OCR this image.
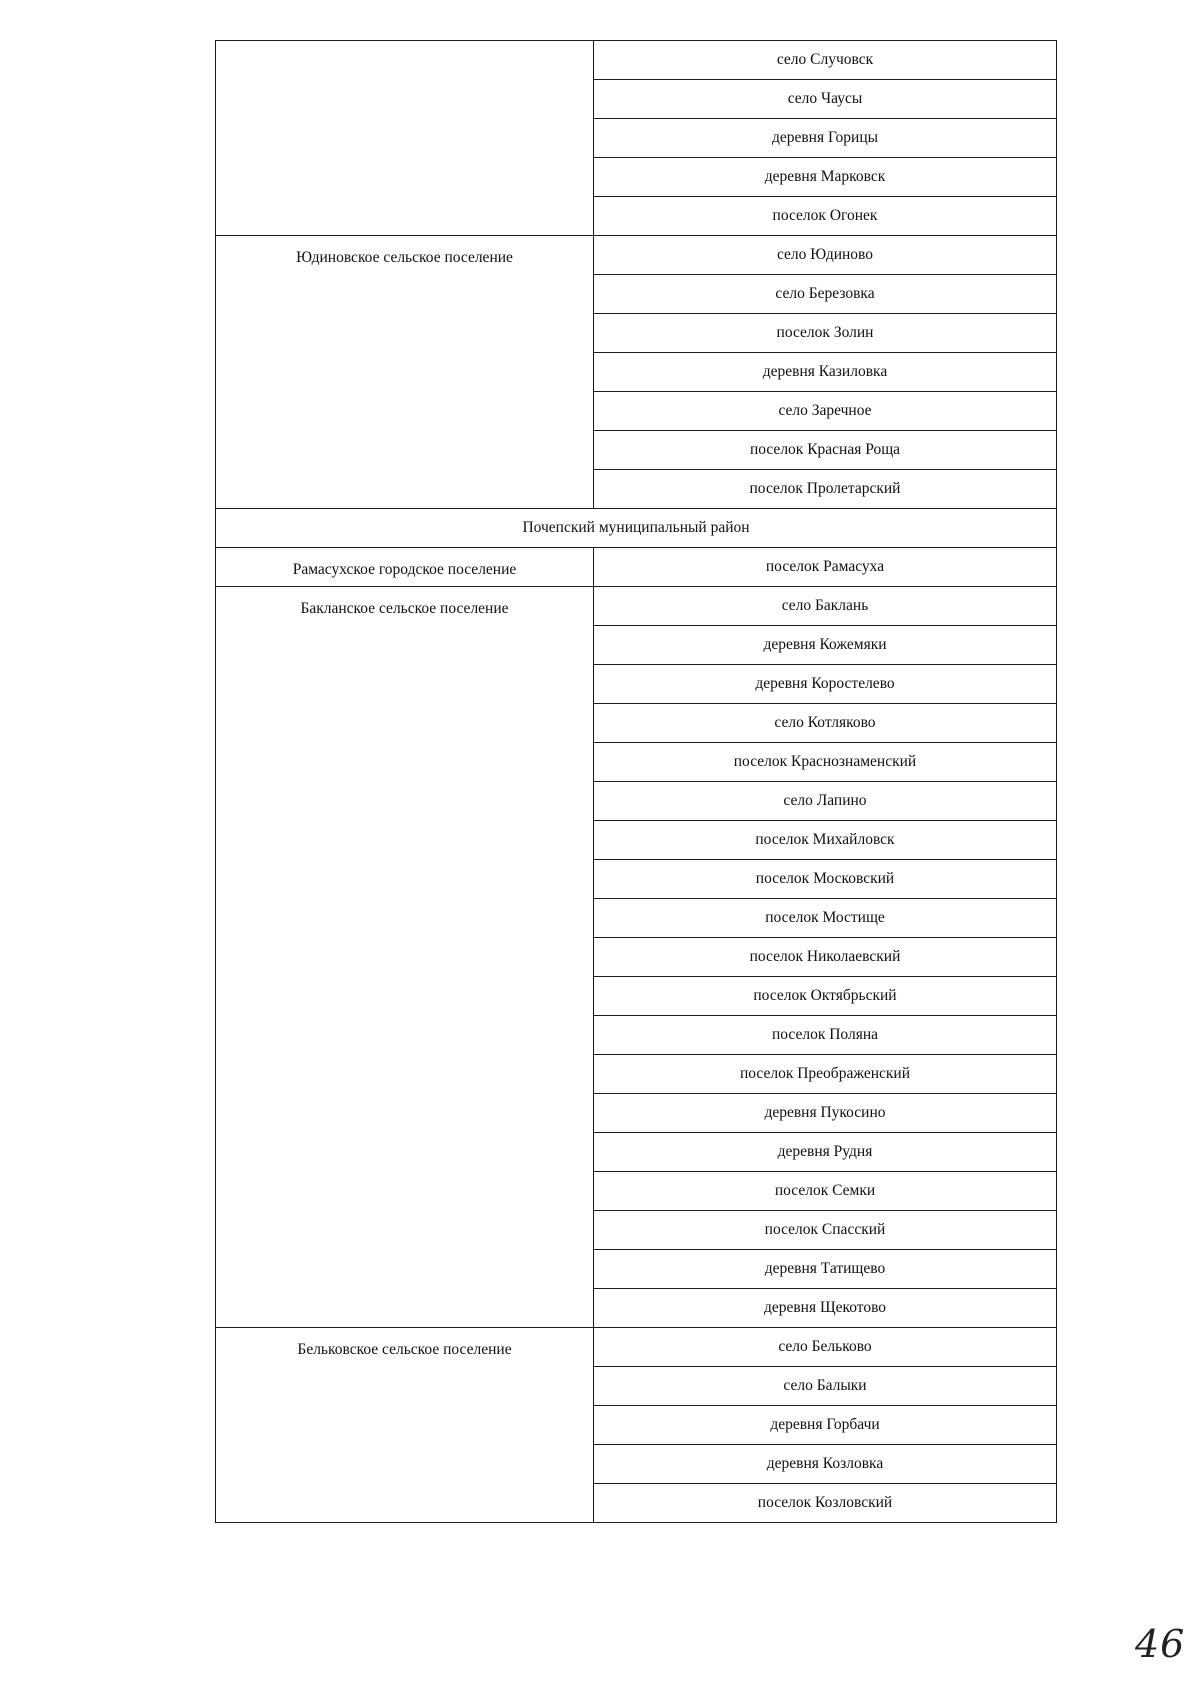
	село Случовск
	село Чаусы
	деревня Горицы
	деревня Марковск
	поселок Огонек

Юдиновское сельское поселение	село Юдиново
	село Березовка
	поселок Золин
	деревня Казиловка
	село Заречное
	поселок Красная Роща
	поселок Пролетарский
Почепский муниципальный район	

Рамасухское городское поселение	поселок Рамасуха

Бакланское сельское поселение	село Баклань
	деревня Кожемяки
	деревня Коростелево
	село Котляково
	поселок Краснознаменский
	село Лапино
	поселок Михайловск
	поселок Московский
	поселок Мостище
	поселок Николаевский
	поселок Октябрьский
	поселок Поляна
	поселок Преображенский
	деревня Пукосино
	деревня Рудня
	поселок Семки
	поселок Спасский
	деревня Татищево
	деревня Щекотово

Бельковское сельское поселение	село Бельково
	село Балыки
	деревня Горбачи
	деревня Козловка
	поселок Козловский
46
